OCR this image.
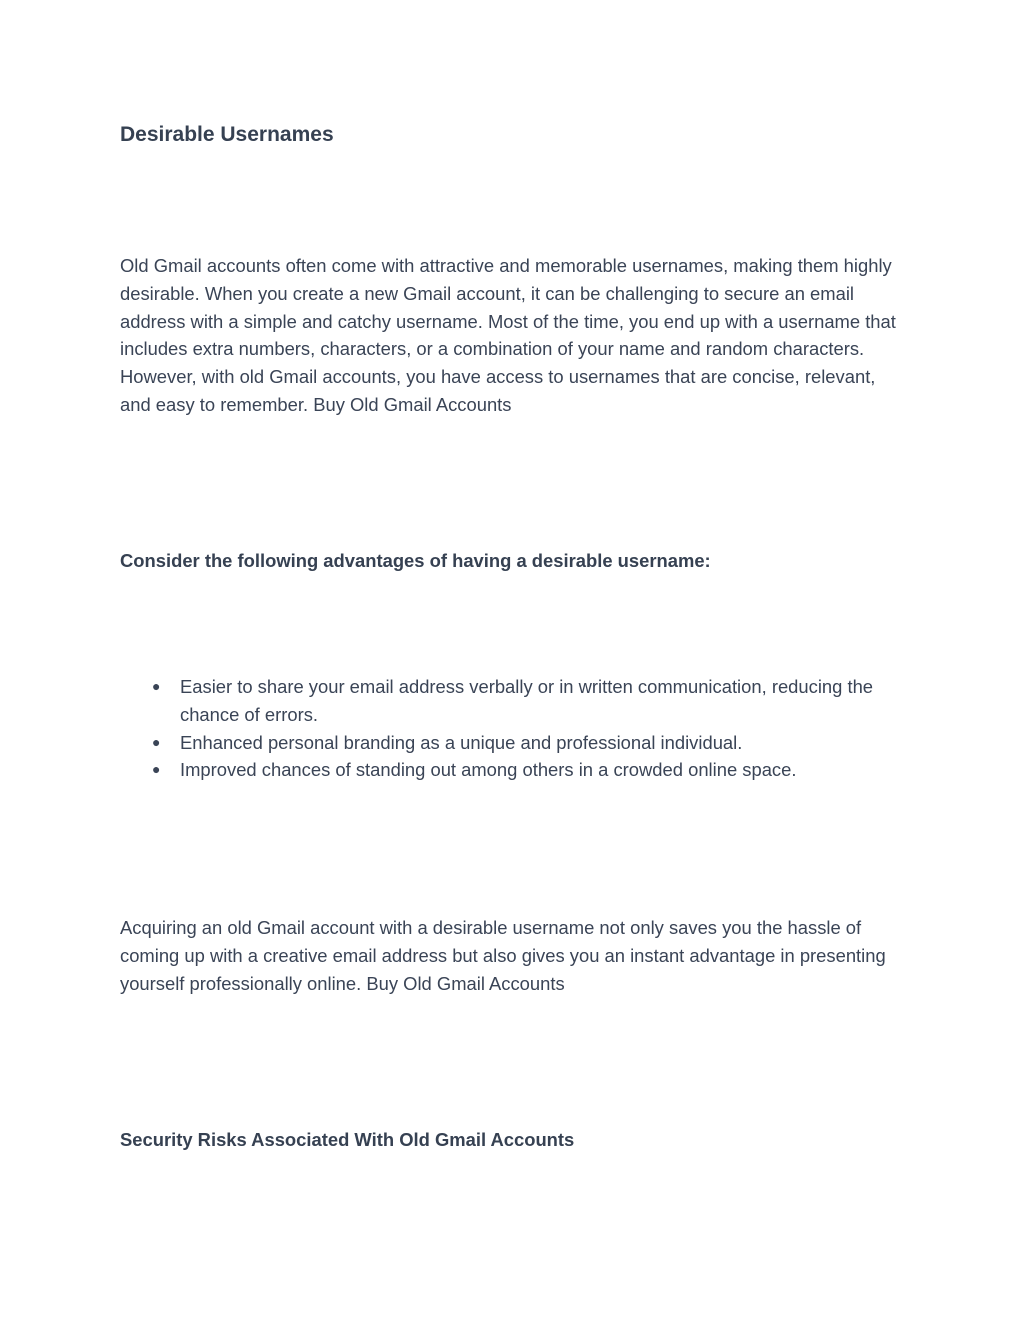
Desirable Usernames

Old Gmail accounts often come with attractive and memorable usernames, making them highly desirable. When you create a new Gmail account, it can be challenging to secure an email address with a simple and catchy username. Most of the time, you end up with a username that includes extra numbers, characters, or a combination of your name and random characters. However, with old Gmail accounts, you have access to usernames that are concise, relevant, and easy to remember. Buy Old Gmail Accounts

Consider the following advantages of having a desirable username:
● Easier to share your email address verbally or in written communication, reducing the chance of errors.
● Enhanced personal branding as a unique and professional individual.
● Improved chances of standing out among others in a crowded online space.

Acquiring an old Gmail account with a desirable username not only saves you the hassle of coming up with a creative email address but also gives you an instant advantage in presenting yourself professionally online. Buy Old Gmail Accounts

Security Risks Associated With Old Gmail Accounts
